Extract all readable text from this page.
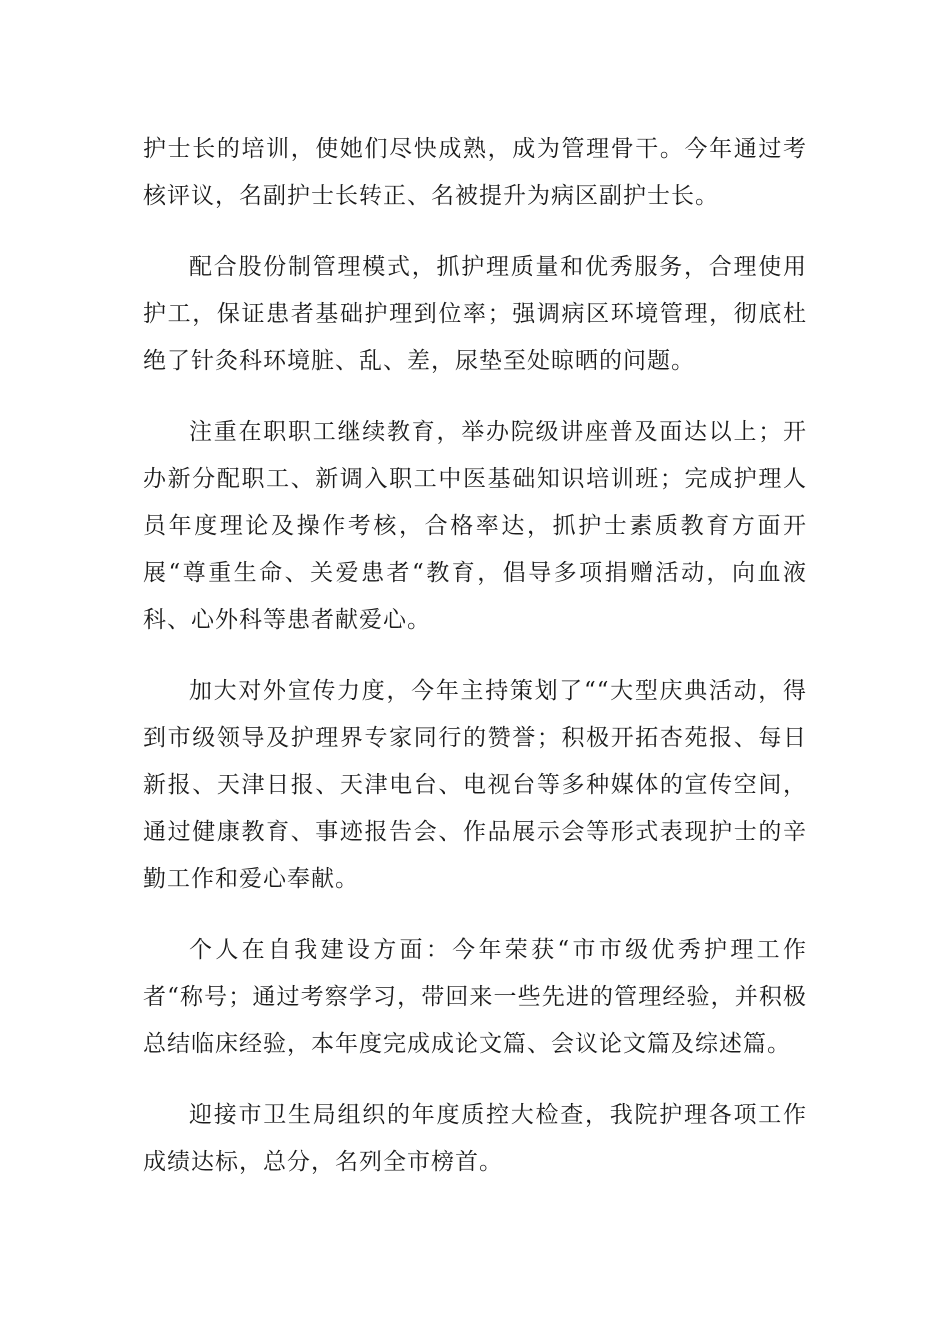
护士长的培训，使她们尽快成熟，成为管理骨干。今年通过考核评议，名副护士长转正、名被提升为病区副护士长。

配合股份制管理模式，抓护理质量和优秀服务，合理使用护工，保证患者基础护理到位率；强调病区环境管理，彻底杜绝了针灸科环境脏、乱、差，尿垫至处晾晒的问题。

注重在职职工继续教育，举办院级讲座普及面达以上；开办新分配职工、新调入职工中医基础知识培训班；完成护理人员年度理论及操作考核，合格率达，抓护士素质教育方面开展“尊重生命、关爱患者“教育，倡导多项捐赠活动，向血液科、心外科等患者献爱心。

加大对外宣传力度，今年主持策划了““大型庆典活动，得到市级领导及护理界专家同行的赞誉；积极开拓杏苑报、每日新报、天津日报、天津电台、电视台等多种媒体的宣传空间，通过健康教育、事迹报告会、作品展示会等形式表现护士的辛勤工作和爱心奉献。

个人在自我建设方面：今年荣获“市市级优秀护理工作者“称号；通过考察学习，带回来一些先进的管理经验，并积极总结临床经验，本年度完成成论文篇、会议论文篇及综述篇。

迎接市卫生局组织的年度质控大检查，我院护理各项工作成绩达标，总分，名列全市榜首。
